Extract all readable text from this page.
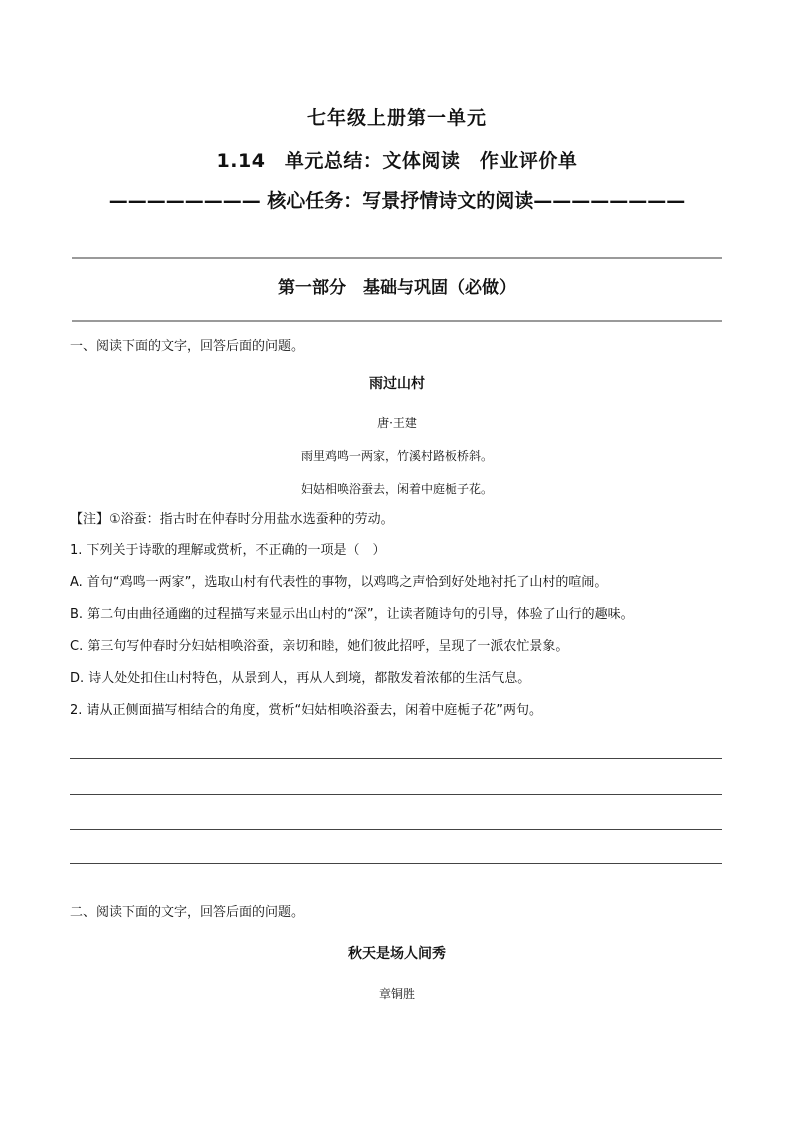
七年级上册第一单元
1.14　单元总结：文体阅读　作业评价单
———————— 核心任务：写景抒情诗文的阅读————————
第一部分　基础与巩固（必做）
一、阅读下面的文字，回答后面的问题。
雨过山村
唐·王建
雨里鸡鸣一两家，竹溪村路板桥斜。
妇姑相唤浴蚕去，闲着中庭栀子花。
【注】①浴蚕：指古时在仲春时分用盐水选蚕种的劳动。
1. 下列关于诗歌的理解或赏析，不正确的一项是（　）
A. 首句“鸡鸣一两家”，选取山村有代表性的事物，以鸡鸣之声恰到好处地衬托了山村的喧闹。
B. 第二句由曲径通幽的过程描写来显示出山村的“深”，让读者随诗句的引导，体验了山行的趣味。
C. 第三句写仲春时分妇姑相唤浴蚕，亲切和睦，她们彼此招呼，呈现了一派农忙景象。
D. 诗人处处扣住山村特色，从景到人，再从人到境，都散发着浓郁的生活气息。
2. 请从正侧面描写相结合的角度，赏析“妇姑相唤浴蚕去，闲着中庭栀子花”两句。
二、阅读下面的文字，回答后面的问题。
秋天是场人间秀
章铜胜
